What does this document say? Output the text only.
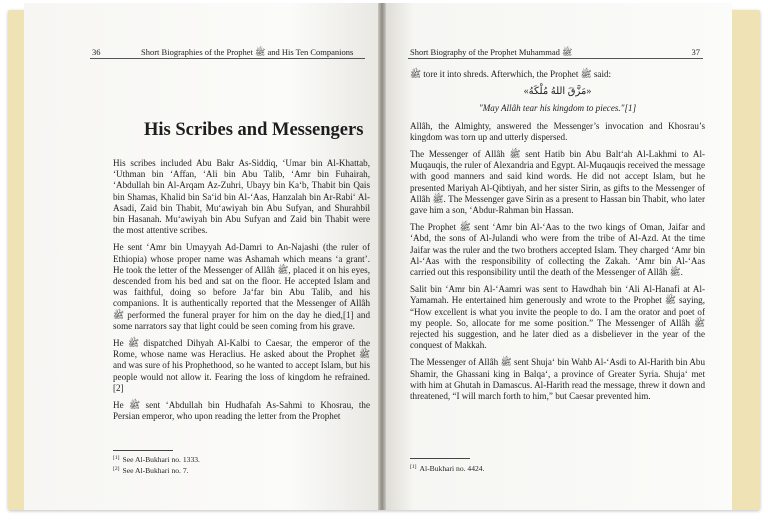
36	Short Biographies of the Prophet ﷺ and His Ten Companions
His Scribes and Messengers

His scribes included Abu Bakr As-Siddiq, ‘Umar bin Al-Khattab, ‘Uthman bin ‘Affan, ‘Ali bin Abu Talib, ‘Amr bin Fuhairah, ‘Abdullah bin Al-Arqam Az-Zuhri, Ubayy bin Ka‘b, Thabit bin Qais bin Shamas, Khalid bin Sa‘id bin Al-‘Aas, Hanzalah bin Ar-Rabi‘ Al-Asadi, Zaid bin Thabit, Mu‘awiyah bin Abu Sufyan, and Shurahbil bin Hasanah. Mu‘awiyah bin Abu Sufyan and Zaid bin Thabit were the most attentive scribes.

He sent ‘Amr bin Umayyah Ad-Damri to An-Najashi (the ruler of Ethiopia) whose proper name was Ashamah which means ‘a grant’. He took the letter of the Messenger of Allâh ﷺ, placed it on his eyes, descended from his bed and sat on the floor. He accepted Islam and was faithful, doing so before Ja‘far bin Abu Talib, and his companions. It is authentically reported that the Messenger of Allâh ﷺ performed the funeral prayer for him on the day he died,[1] and some narrators say that light could be seen coming from his grave.

He ﷺ dispatched Dihyah Al-Kalbi to Caesar, the emperor of the Rome, whose name was Heraclius. He asked about the Prophet ﷺ and was sure of his Prophethood, so he wanted to accept Islam, but his people would not allow it. Fearing the loss of kingdom he refrained.[2]

He ﷺ sent ‘Abdullah bin Hudhafah As-Sahmi to Khosrau, the Persian emperor, who upon reading the letter from the Prophet

[1] See Al-Bukhari no. 1333.

[2] See Al-Bukhari no. 7.

Short Biography of the Prophet Muhammad ﷺ	37

ﷺ tore it into shreds. Afterwhich, the Prophet ﷺ said:

«مَزَّقَ اللهُ مُلْكَهُ»

"May Allâh tear his kingdom to pieces."[1]

Allâh, the Almighty, answered the Messenger’s invocation and Khosrau’s kingdom was torn up and utterly dispersed.

The Messenger of Allâh ﷺ sent Hatib bin Abu Balt‘ah Al-Lakhmi to Al-Muqauqis, the ruler of Alexandria and Egypt. Al-Muqauqis received the message with good manners and said kind words. He did not accept Islam, but he presented Mariyah Al-Qibtiyah, and her sister Sirin, as gifts to the Messenger of Allâh ﷺ. The Messenger gave Sirin as a present to Hassan bin Thabit, who later gave him a son, ‘Abdur-Rahman bin Hassan.

The Prophet ﷺ sent ‘Amr bin Al-‘Aas to the two kings of Oman, Jaifar and ‘Abd, the sons of Al-Julandi who were from the tribe of Al-Azd. At the time Jaifar was the ruler and the two brothers accepted Islam. They charged ‘Amr bin Al-‘Aas with the responsibility of collecting the Zakah. ‘Amr bin Al-‘Aas carried out this responsibility until the death of the Messenger of Allâh ﷺ.

Salit bin ‘Amr bin Al-‘Aamri was sent to Hawdhah bin ‘Ali Al-Hanafi at Al-Yamamah. He entertained him generously and wrote to the Prophet ﷺ saying, “How excellent is what you invite the people to do. I am the orator and poet of my people. So, allocate for me some position.” The Messenger of Allâh ﷺ rejected his suggestion, and he later died as a disbeliever in the year of the conquest of Makkah.

The Messenger of Allâh ﷺ sent Shuja‘ bin Wahb Al-‘Asdi to Al-Harith bin Abu Shamir, the Ghassani king in Balqa‘, a province of Greater Syria. Shuja‘ met with him at Ghutah in Damascus. Al-Harith read the message, threw it down and threatened, “I will march forth to him,” but Caesar prevented him.

[1] Al-Bukhari no. 4424.
